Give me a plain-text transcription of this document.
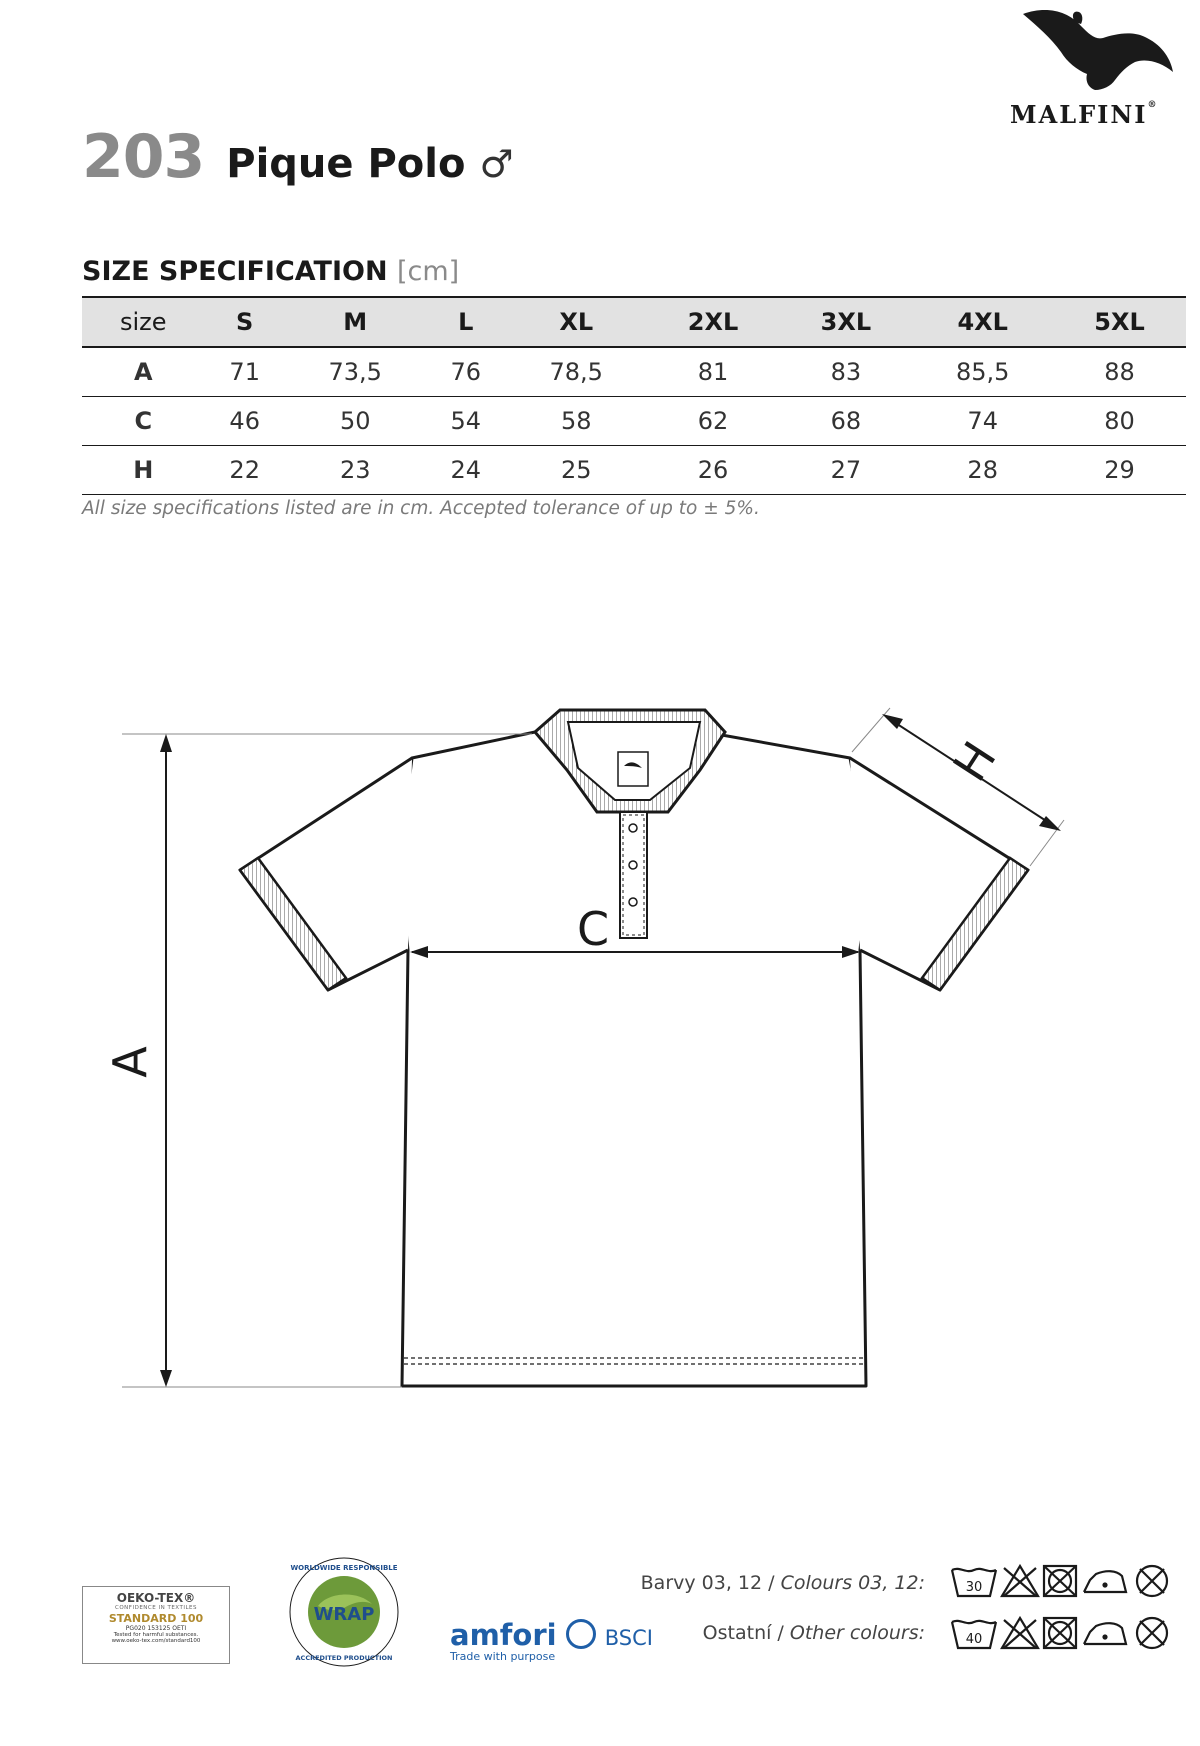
MALFINI®
203 Pique Polo ♂
SIZE SPECIFICATION [cm]
size	S	M	L	XL	2XL	3XL	4XL	5XL
A	71	73,5	76	78,5	81	83	85,5	88
C	46	50	54	58	62	68	74	80
H	22	23	24	25	26	27	28	29
All size specifications listed are in cm. Accepted tolerance of up to ± 5%.
A
C
H
OEKO-TEX®
CONFIDENCE IN TEXTILES
STANDARD 100
PG020 153125 OETI
Tested for harmful substances.
www.oeko-tex.com/standard100
WRAP
WORLDWIDE RESPONSIBLE
ACCREDITED PRODUCTION
amfori BSCI
Trade with purpose
Barvy 03, 12 / Colours 03, 12:
Ostatní / Other colours:
30
40
